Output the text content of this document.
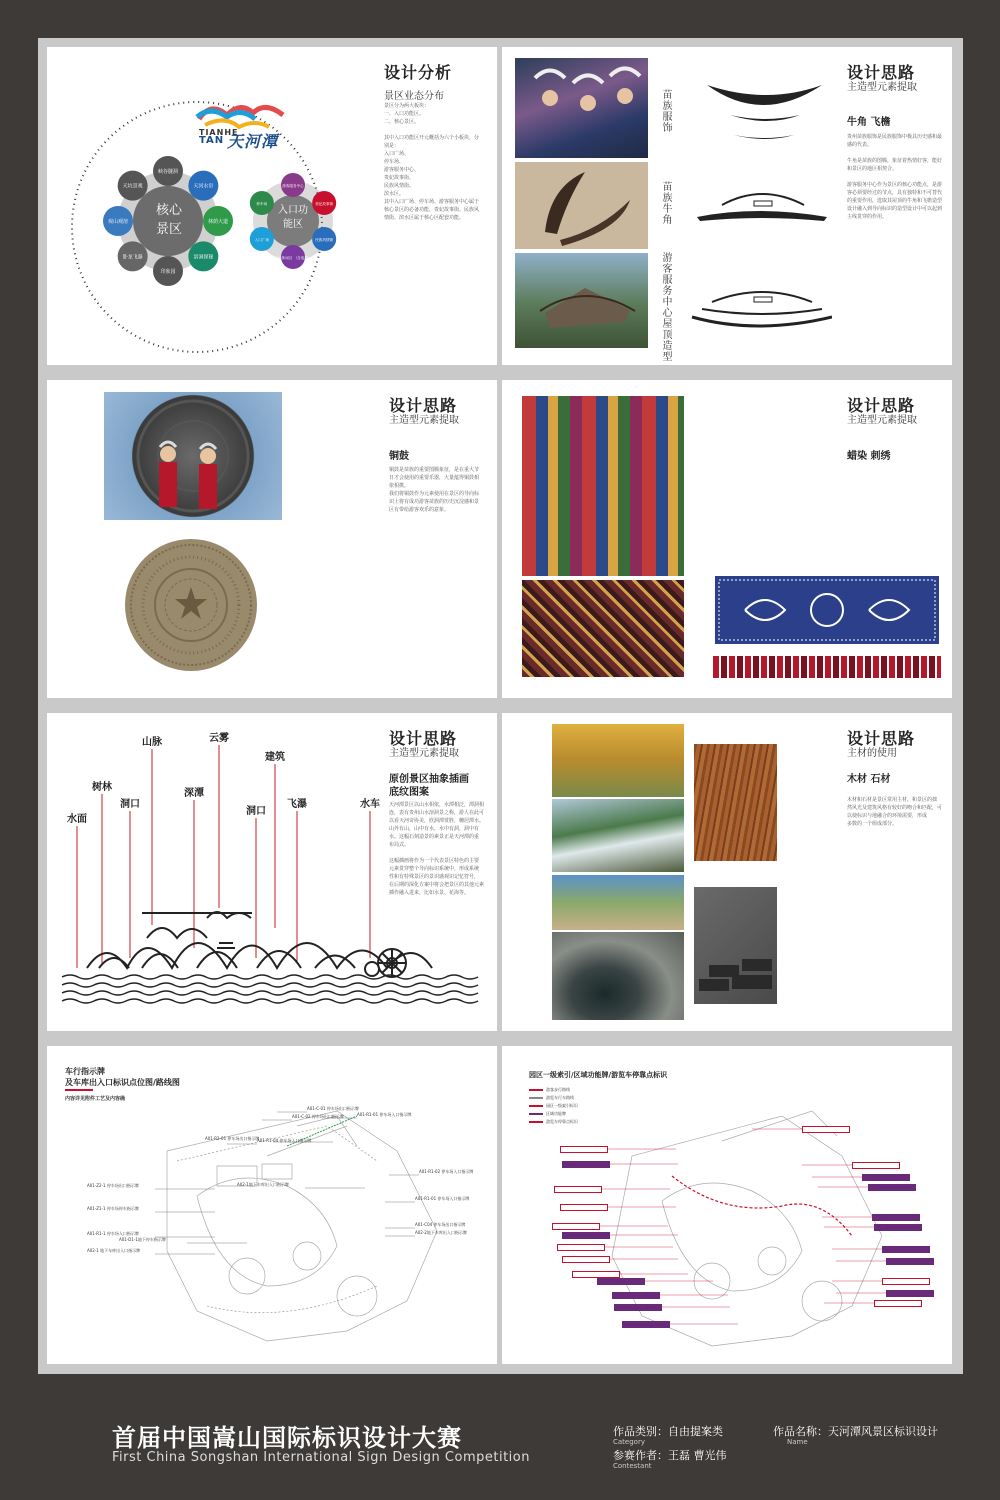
峡谷隧洞
天河水帘
林荫大道
溶洞探秘
印象园
卧龙飞瀑
观山观溶
天坑景观	游客服务中心
贵妃故事街
民族风情街
滨水休闲区 （含夜游）
入口广场
停车场
TIANHE
TAN 天河潭
核心景区
入口功能区
设计分析
景区业态分布
景区分为两大板块：
一、入口功能区。
二、核心景区。
其中入口功能区开元概括为六个小板块，分
别是：
入口广场、
停车场、
游客服务中心、
贵妃故事街、
民族风情街、
滨水区。
其中入口广场、停车场、游客服务中心属于
核心景区的必备功能，贵妃故事街、民族风
情街、滨水区属于核心区配套功能。
苗族服饰
苗族牛角
游客服务中心屋顶造型
设计思路
主造型元素提取
牛角 飞檐
贵州苗族服饰是民族服饰中极具历史感和最
感的代表。
牛角是苗族的图腾，象征着热情好客，能好
和景区的地区相契合。
游客服务中心作为景区的核心功能点，是游
客必须要经过的节点，具有独特和不可替代
的重要作用，选取其屋顶的牛角和飞檐造型
设计融入到导向标识的造型设计中可以起到
主线贯穿的作用。
设计思路
主造型元素提取
铜鼓
铜鼓是苗族的重要图腾象征，是在重大节
日才会使用的重要乐器，大量蕴得铜鼓相
依相携。
我们将铜鼓作为元素使用在景区的导向标
识上将有成功游客苗族的历史沉淀感和景
区有带给游客欢乐的意象。
设计思路
主造型元素提取
蜡染 刺绣
山脉	云雾
建筑
树林
洞口
深潭
洞口
飞瀑	水车
水面
设计思路
主造型元素提取
原创景区抽象插画
底纹图案
天河潭景区以山水相依，水潭相泛，潭洞相
连，表有贵州山水溶洞景之称，游人在此可
以看天河奇协美，欣洞潭赏胜，穗居潭水。
山外有山，山中有水，水中有洞，洞中有
水。这幅石刻造景的素景正是天河潭的重
布局式。
这幅插画将作为一个代表景区特色的主要
元素贯穿整个导向标识系统中，形成系统
性和有特殊景区的景识感观识记忆符号，
在后期的深化方案中将会把景区的其他元素
插作融入进来，比如水景、花海等。
设计思路
主材的使用
木材 石材
木材和石材是景区常用主材，和景区的拙
然风光及建筑风格有较好的吻合和匹配，可
以使标识与地融合的环境需要，形成
多数的一个组成部分。
车行指示牌
及车库出入口标识点位图/路线图
内容详见附件工艺及内容确
A01-C-01 停车场出口指示牌
A01-C-02 停车场出口指示牌	A01-R1-01 停车场入口指示牌
A01-R2-01 停车场出口指示牌
A01-R1-04 停车场入口指示牌
A02-1地下车库出入口指示牌
A01-R1-02 停车场入口指示牌
A01-Z2-1 停车场出口指示牌
A01-R1-01 停车场入口指示牌
A01-Z1-1 停车场停车指示牌
A01-R1-1 停车场入口指示牌
A01-D1-1地下停车指示牌
A01-C04 停车场出口指示牌
A02-2地下车库出入口指示牌
A02-1 地下车库出入口指示牌
园区一级索引/区域功能牌/游览车停靠点标识
游客步行路线
游览车行车路线
园区一级索引标识
区域功能牌
游览车停靠点标识
首届中国嵩山国际标识设计大赛
First China Songshan International Sign Design Competition
作品类别：自由提案类
Category
参赛作者：王磊 曹光伟
Contestant
作品名称：天河潭风景区标识设计
Name
